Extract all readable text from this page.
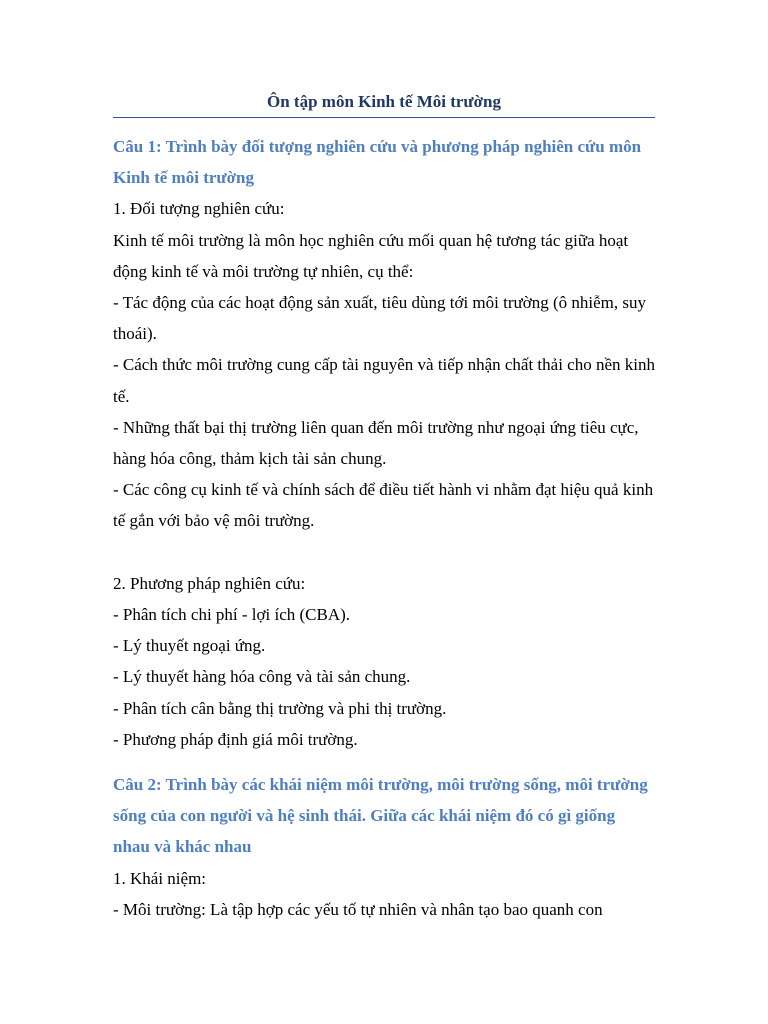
Ôn tập môn Kinh tế Môi trường

Câu 1: Trình bày đối tượng nghiên cứu và phương pháp nghiên cứu môn Kinh tế môi trường

1. Đối tượng nghiên cứu:

Kinh tế môi trường là môn học nghiên cứu mối quan hệ tương tác giữa hoạt động kinh tế và môi trường tự nhiên, cụ thể:

- Tác động của các hoạt động sản xuất, tiêu dùng tới môi trường (ô nhiễm, suy thoái).

- Cách thức môi trường cung cấp tài nguyên và tiếp nhận chất thải cho nền kinh tế.

- Những thất bại thị trường liên quan đến môi trường như ngoại ứng tiêu cực, hàng hóa công, thảm kịch tài sản chung.

- Các công cụ kinh tế và chính sách để điều tiết hành vi nhằm đạt hiệu quả kinh tế gắn với bảo vệ môi trường.

2. Phương pháp nghiên cứu:

- Phân tích chi phí - lợi ích (CBA).

- Lý thuyết ngoại ứng.

- Lý thuyết hàng hóa công và tài sản chung.

- Phân tích cân bằng thị trường và phi thị trường.

- Phương pháp định giá môi trường.

Câu 2: Trình bày các khái niệm môi trường, môi trường sống, môi trường sống của con người và hệ sinh thái. Giữa các khái niệm đó có gì giống nhau và khác nhau

1. Khái niệm:

- Môi trường: Là tập hợp các yếu tố tự nhiên và nhân tạo bao quanh con
